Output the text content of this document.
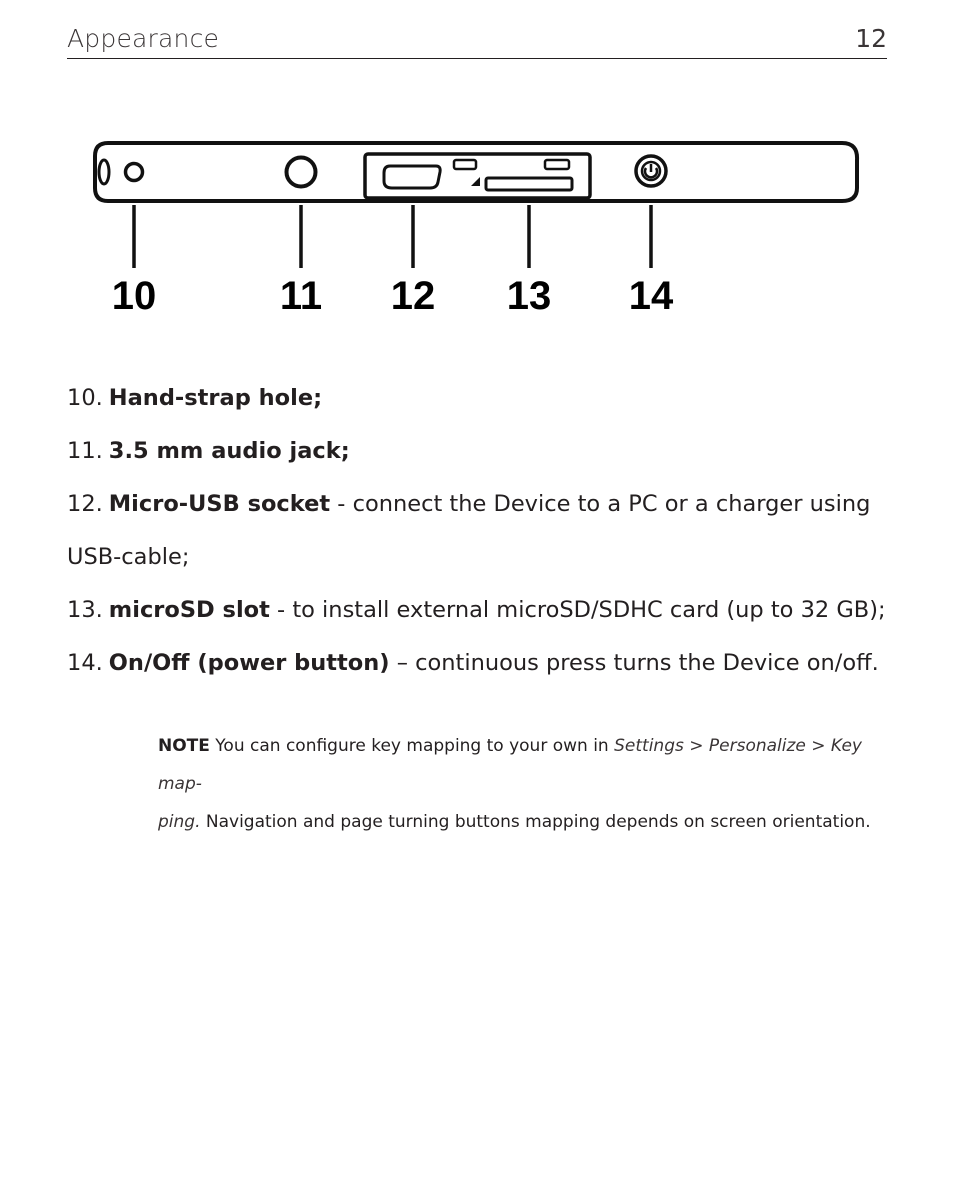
Appearance	12
10	11 12 13 14
10. Hand-strap hole;
11. 3.5 mm audio jack;
12. Micro-USB socket - connect the Device to a PC or a charger using
USB-cable;
13. microSD slot - to install external microSD/SDHC card (up to 32 GB);
14. On/Off (power button) – continuous press turns the Device on/off.
NOTE You can configure key mapping to your own in Settings > Personalize > Key map-
ping. Navigation and page turning buttons mapping depends on screen orientation.
